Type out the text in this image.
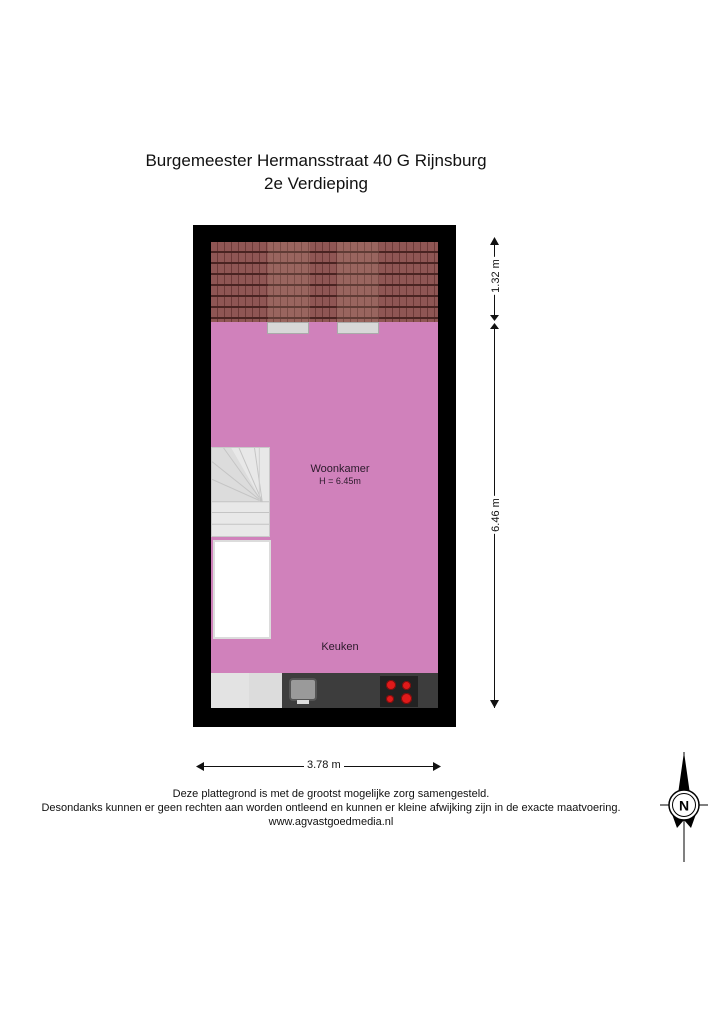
Burgemeester Hermansstraat 40 G Rijnsburg
2e Verdieping
Woonkamer
H = 6.45m
Keuken
1.32 m
6.46 m
3.78 m
Deze plattegrond is met de grootst mogelijke zorg samengesteld.
Desondanks kunnen er geen rechten aan worden ontleend en kunnen er kleine afwijking zijn in de exacte maatvoering.
www.agvastgoedmedia.nl
N
